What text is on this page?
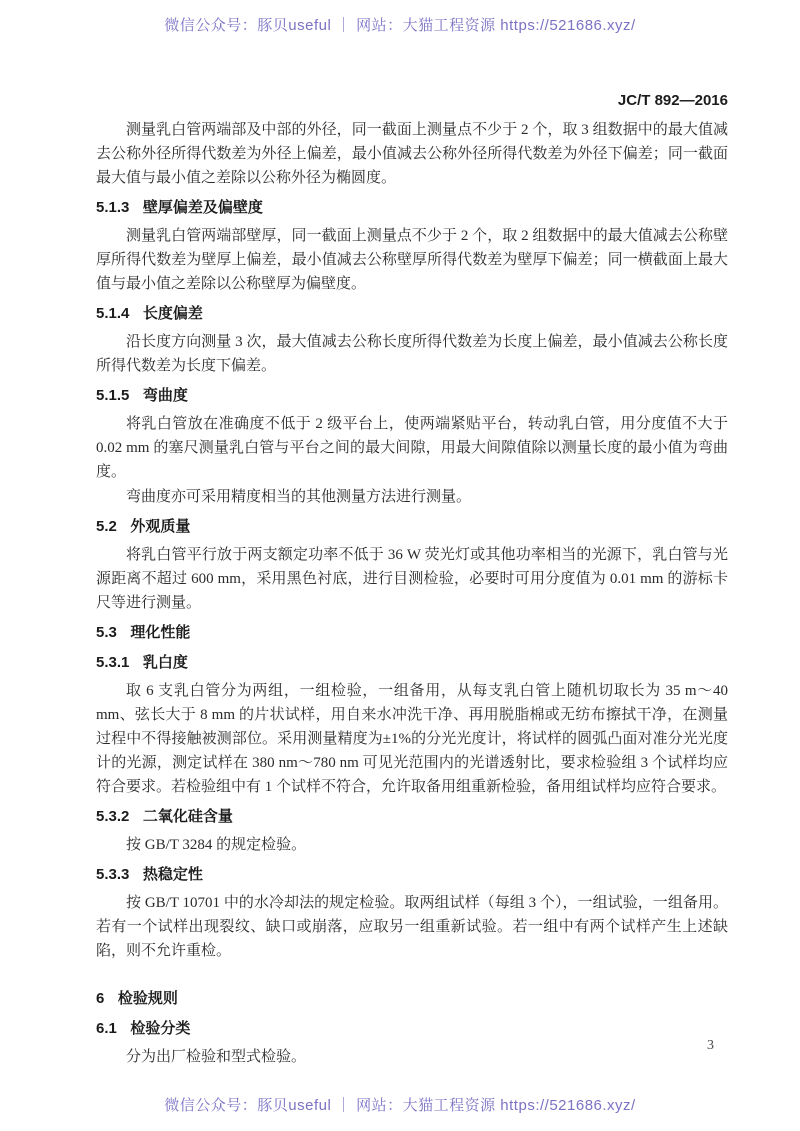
微信公众号：豚贝useful ｜ 网站：大猫工程资源 https://521686.xyz/
JC/T 892—2016
测量乳白管两端部及中部的外径，同一截面上测量点不少于 2 个，取 3 组数据中的最大值减去公称外径所得代数差为外径上偏差，最小值减去公称外径所得代数差为外径下偏差；同一截面最大值与最小值之差除以公称外径为椭圆度。
5.1.3 壁厚偏差及偏壁度
测量乳白管两端部壁厚，同一截面上测量点不少于 2 个，取 2 组数据中的最大值减去公称壁厚所得代数差为壁厚上偏差，最小值减去公称壁厚所得代数差为壁厚下偏差；同一横截面上最大值与最小值之差除以公称壁厚为偏壁度。
5.1.4 长度偏差
沿长度方向测量 3 次，最大值减去公称长度所得代数差为长度上偏差，最小值减去公称长度所得代数差为长度下偏差。
5.1.5 弯曲度
将乳白管放在准确度不低于 2 级平台上，使两端紧贴平台，转动乳白管，用分度值不大于 0.02 mm 的塞尺测量乳白管与平台之间的最大间隙，用最大间隙值除以测量长度的最小值为弯曲度。
弯曲度亦可采用精度相当的其他测量方法进行测量。
5.2 外观质量
将乳白管平行放于两支额定功率不低于 36 W 荧光灯或其他功率相当的光源下，乳白管与光源距离不超过 600 mm，采用黑色衬底，进行目测检验，必要时可用分度值为 0.01 mm 的游标卡尺等进行测量。
5.3 理化性能
5.3.1 乳白度
取 6 支乳白管分为两组，一组检验，一组备用，从每支乳白管上随机切取长为 35 m～40 mm、弦长大于 8 mm 的片状试样，用自来水冲洗干净、再用脱脂棉或无纺布擦拭干净，在测量过程中不得接触被测部位。采用测量精度为±1%的分光光度计，将试样的圆弧凸面对准分光光度计的光源，测定试样在 380 nm～780 nm 可见光范围内的光谱透射比，要求检验组 3 个试样均应符合要求。若检验组中有 1 个试样不符合，允许取备用组重新检验，备用组试样均应符合要求。
5.3.2 二氧化硅含量
按 GB/T 3284 的规定检验。
5.3.3 热稳定性
按 GB/T 10701 中的水冷却法的规定检验。取两组试样（每组 3 个），一组试验，一组备用。若有一个试样出现裂纹、缺口或崩落，应取另一组重新试验。若一组中有两个试样产生上述缺陷，则不允许重检。
6 检验规则
6.1 检验分类
分为出厂检验和型式检验。
3
微信公众号：豚贝useful ｜ 网站：大猫工程资源 https://521686.xyz/
